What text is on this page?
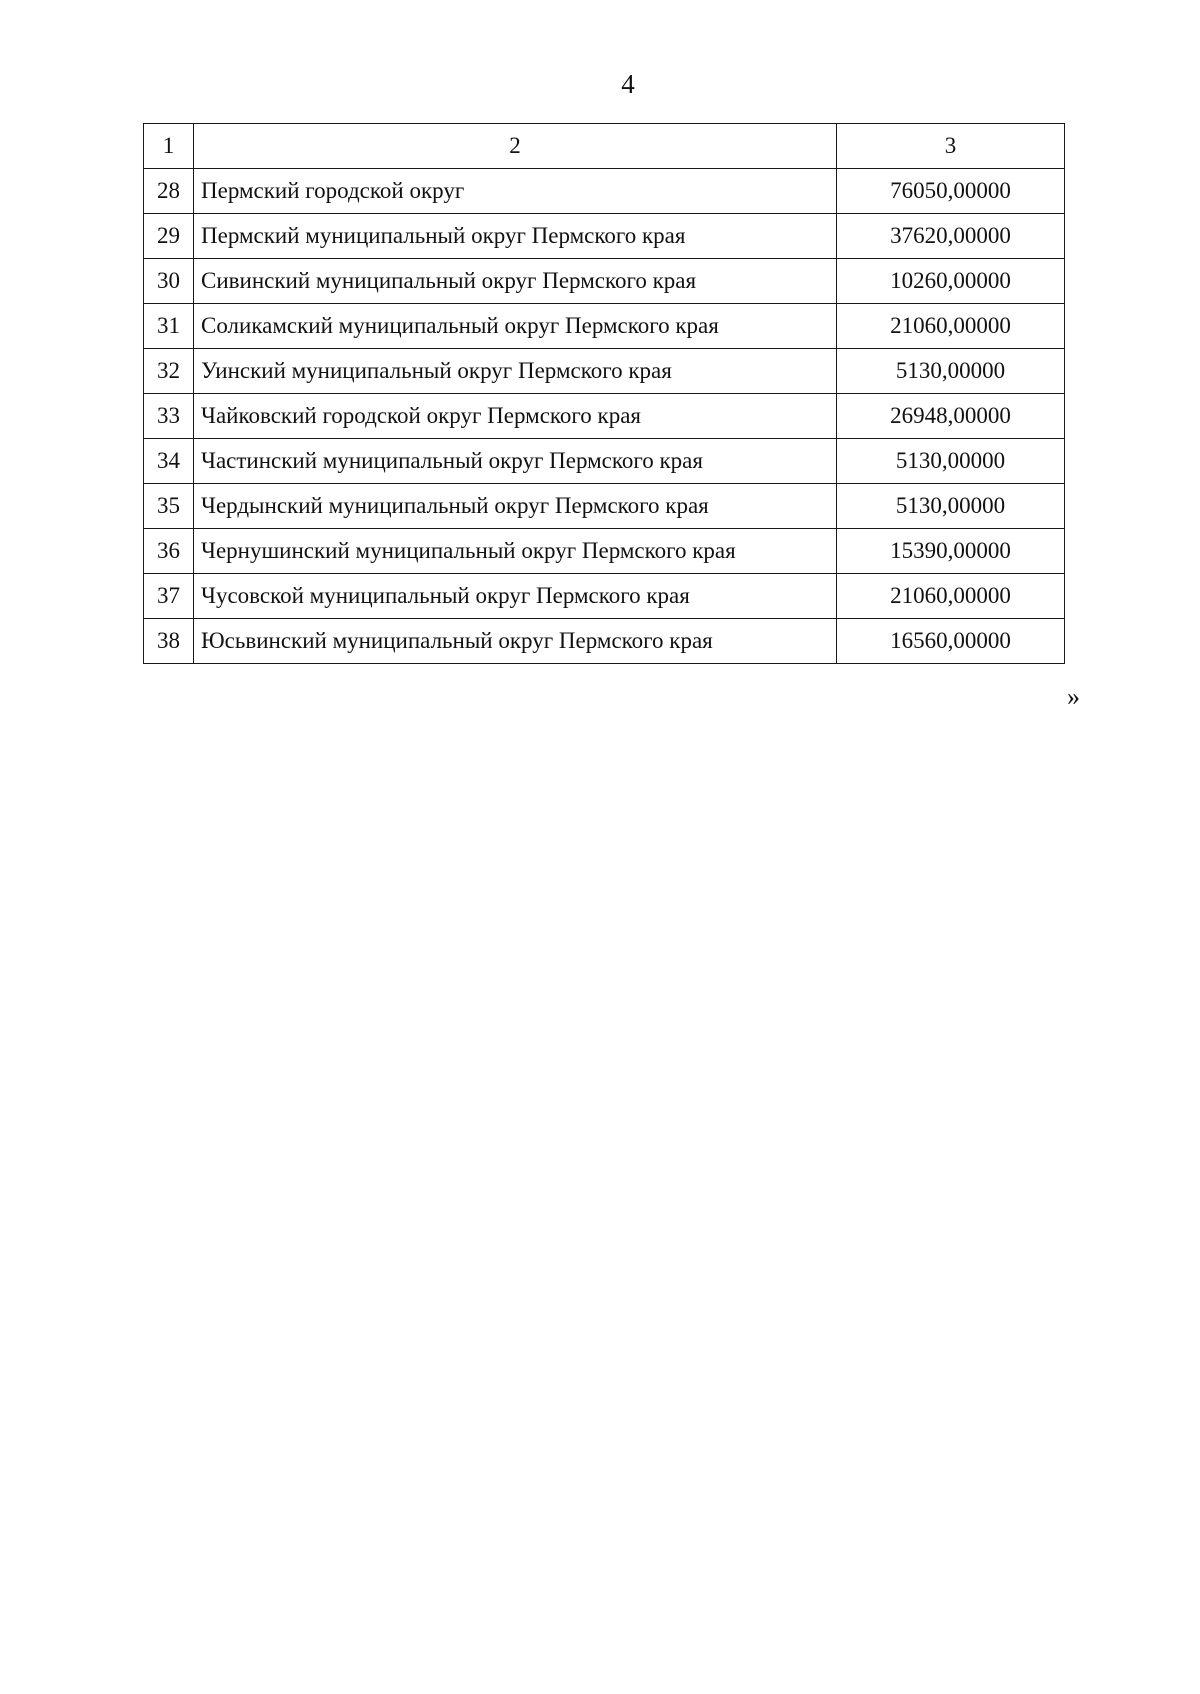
4
1	2	3
28	Пермский городской округ	76050,00000
29	Пермский муниципальный округ Пермского края	37620,00000
30	Сивинский муниципальный округ Пермского края	10260,00000
31	Соликамский муниципальный округ Пермского края	21060,00000
32	Уинский муниципальный округ Пермского края	5130,00000
33	Чайковский городской округ Пермского края	26948,00000
34	Частинский муниципальный округ Пермского края	5130,00000
35	Чердынский муниципальный округ Пермского края	5130,00000
36	Чернушинский муниципальный округ Пермского края	15390,00000
37	Чусовской муниципальный округ Пермского края	21060,00000
38	Юсьвинский муниципальный округ Пермского края	16560,00000
»
